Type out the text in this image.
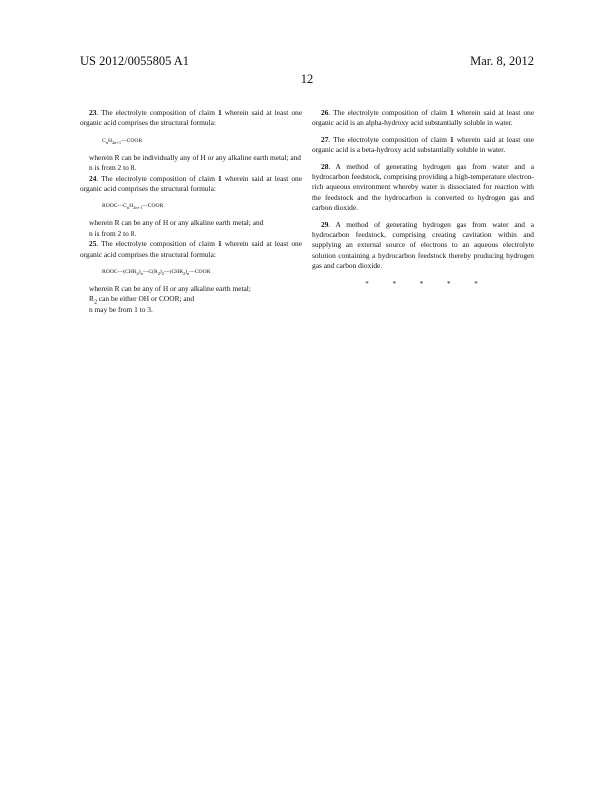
US 2012/0055805 A1	Mar. 8, 2012
12

23. The electrolyte composition of claim 1 wherein said at least one organic acid comprises the structural formula:

$C_nH_{2n+1}—COOR$

wherein R can be individually any of H or any alkaline earth metal; and

n is from 2 to 8.

24. The electrolyte composition of claim 1 wherein said at least one organic acid comprises the structural formula:

$ROOC—C_nH_{2n+1}—COOR$

wherein R can be any of H or any alkaline earth metal; and

n is from 2 to 8.

25. The electrolyte composition of claim 1 wherein said at least one organic acid comprises the structural formula:

$ROOC—(CHR_2)_n—C(R_2)_2—(CHR_2)_n—COOR$

wherein R can be any of H or any alkaline earth metal;

$R_2$ can be either OH or COOR; and

n may be from 1 to 3.

26. The electrolyte composition of claim 1 wherein said at least one organic acid is an alpha-hydroxy acid substantially soluble in water.

27. The electrolyte composition of claim 1 wherein said at least one organic acid is a beta-hydroxy acid substantially soluble in water.

28. A method of generating hydrogen gas from water and a hydrocarbon feedstock, comprising providing a high-temperature electron-rich aqueous environment whereby water is dissociated for reaction with the feedstock and the hydrocarbon is converted to hydrogen gas and carbon dioxide.

29. A method of generating hydrogen gas from water and a hydrocarbon feedstock, comprising creating cavitation within and supplying an external source of electrons to an aqueous electrolyte solution containing a hydrocarbon feedstock thereby producing hydrogen gas and carbon dioxide.

* * * * *
